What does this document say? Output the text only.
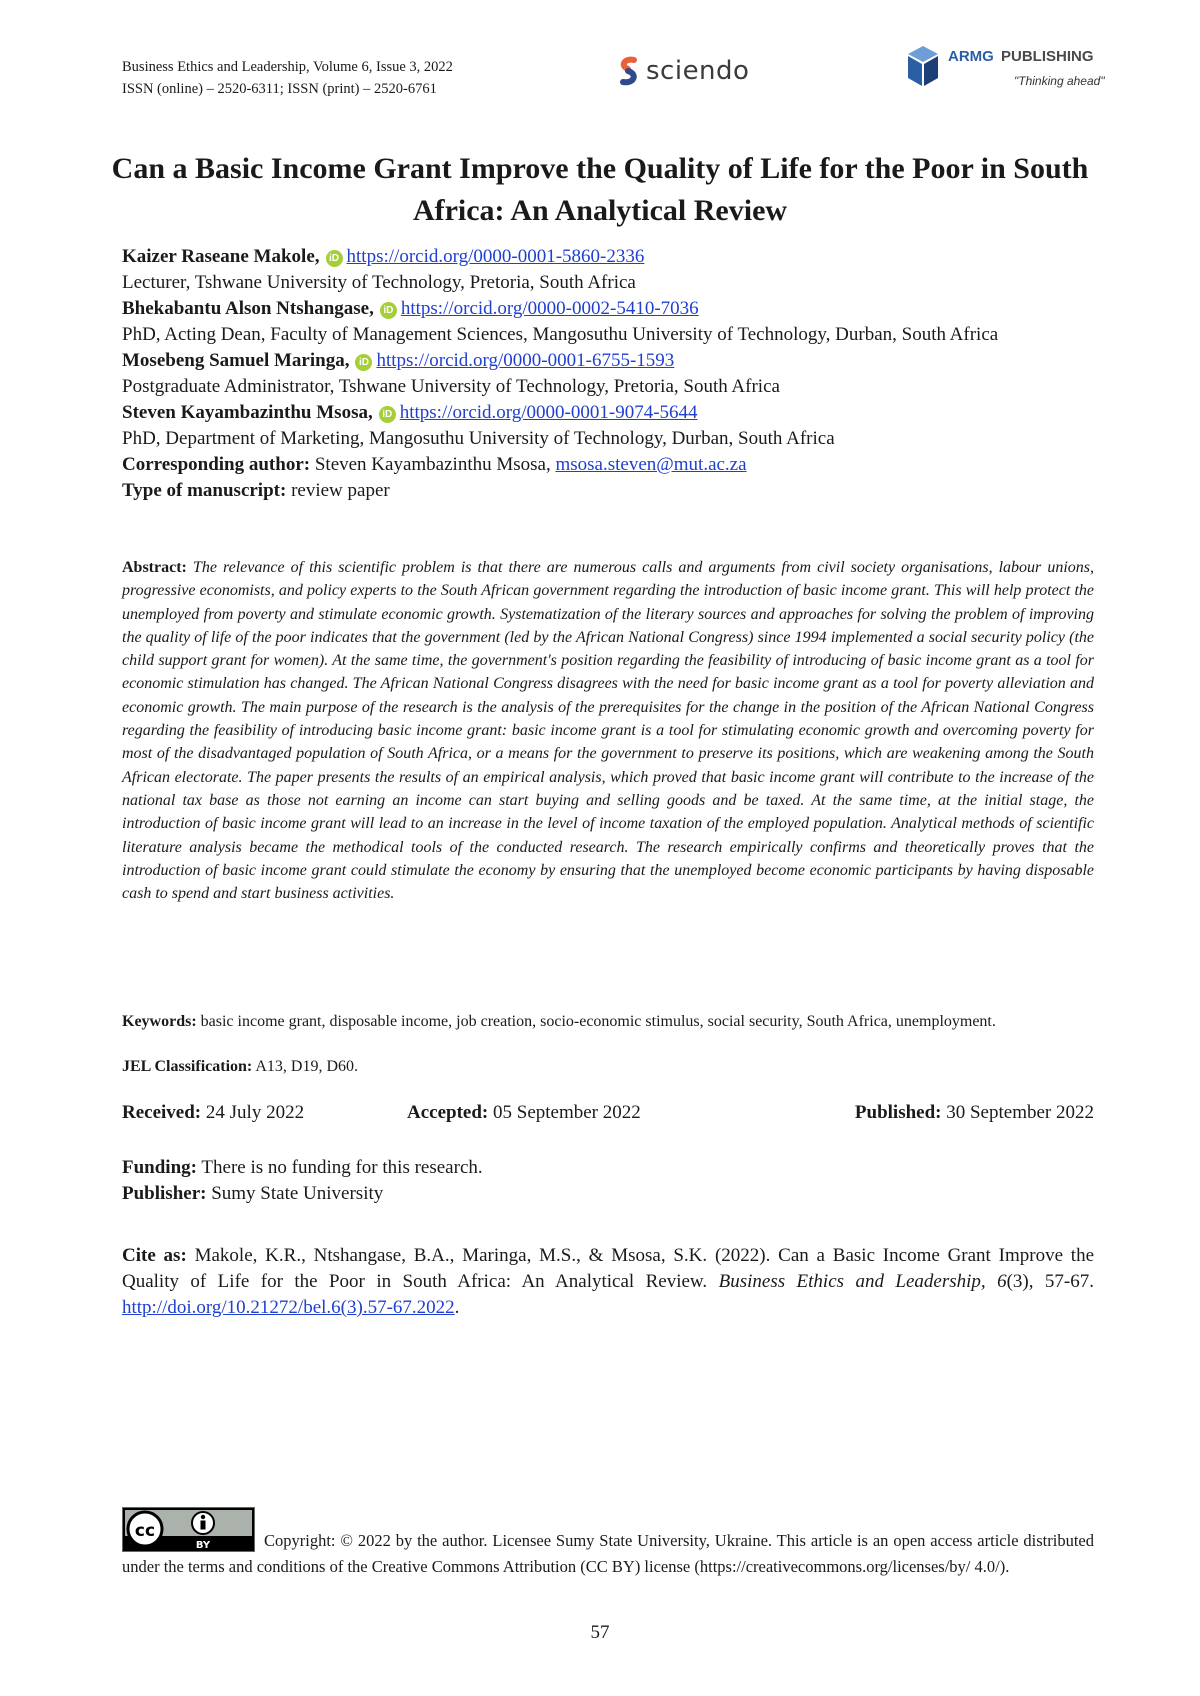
Business Ethics and Leadership, Volume 6, Issue 3, 2022
ISSN (online) – 2520-6311; ISSN (print) – 2520-6761
sciendo	ARMG PUBLISHING
"Thinking ahead"
Can a Basic Income Grant Improve the Quality of Life for the Poor in South Africa: An Analytical Review
Kaizer Raseane Makole, iD https://orcid.org/0000-0001-5860-2336
Lecturer, Tshwane University of Technology, Pretoria, South Africa
Bhekabantu Alson Ntshangase, iD https://orcid.org/0000-0002-5410-7036
PhD, Acting Dean, Faculty of Management Sciences, Mangosuthu University of Technology, Durban, South Africa
Mosebeng Samuel Maringa, iD https://orcid.org/0000-0001-6755-1593
Postgraduate Administrator, Tshwane University of Technology, Pretoria, South Africa
Steven Kayambazinthu Msosa, iD https://orcid.org/0000-0001-9074-5644
PhD, Department of Marketing, Mangosuthu University of Technology, Durban, South Africa
Corresponding author: Steven Kayambazinthu Msosa, msosa.steven@mut.ac.za
Type of manuscript: review paper
Abstract: The relevance of this scientific problem is that there are numerous calls and arguments from civil society organisations, labour unions, progressive economists, and policy experts to the South African government regarding the introduction of basic income grant. This will help protect the unemployed from poverty and stimulate economic growth. Systematization of the literary sources and approaches for solving the problem of improving the quality of life of the poor indicates that the government (led by the African National Congress) since 1994 implemented a social security policy (the child support grant for women). At the same time, the government's position regarding the feasibility of introducing of basic income grant as a tool for economic stimulation has changed. The African National Congress disagrees with the need for basic income grant as a tool for poverty alleviation and economic growth. The main purpose of the research is the analysis of the prerequisites for the change in the position of the African National Congress regarding the feasibility of introducing basic income grant: basic income grant is a tool for stimulating economic growth and overcoming poverty for most of the disadvantaged population of South Africa, or a means for the government to preserve its positions, which are weakening among the South African electorate. The paper presents the results of an empirical analysis, which proved that basic income grant will contribute to the increase of the national tax base as those not earning an income can start buying and selling goods and be taxed. At the same time, at the initial stage, the introduction of basic income grant will lead to an increase in the level of income taxation of the employed population. Analytical methods of scientific literature analysis became the methodical tools of the conducted research. The research empirically confirms and theoretically proves that the introduction of basic income grant could stimulate the economy by ensuring that the unemployed become economic participants by having disposable cash to spend and start business activities.
Keywords: basic income grant, disposable income, job creation, socio-economic stimulus, social security, South Africa, unemployment.
JEL Classification: A13, D19, D60.
Received: 24 July 2022	Accepted: 05 September 2022	Published: 30 September 2022
Funding: There is no funding for this research.
Publisher: Sumy State University
Cite as: Makole, K.R., Ntshangase, B.A., Maringa, M.S., & Msosa, S.K. (2022). Can a Basic Income Grant Improve the Quality of Life for the Poor in South Africa: An Analytical Review. Business Ethics and Leadership, 6(3), 57-67. http://doi.org/10.21272/bel.6(3).57-67.2022.
cc
BY	Copyright: © 2022 by the author. Licensee Sumy State University, Ukraine. This article is an open access article distributed under the terms and conditions of the Creative Commons Attribution (CC BY) license (https://creativecommons.org/licenses/by/ 4.0/).
57
